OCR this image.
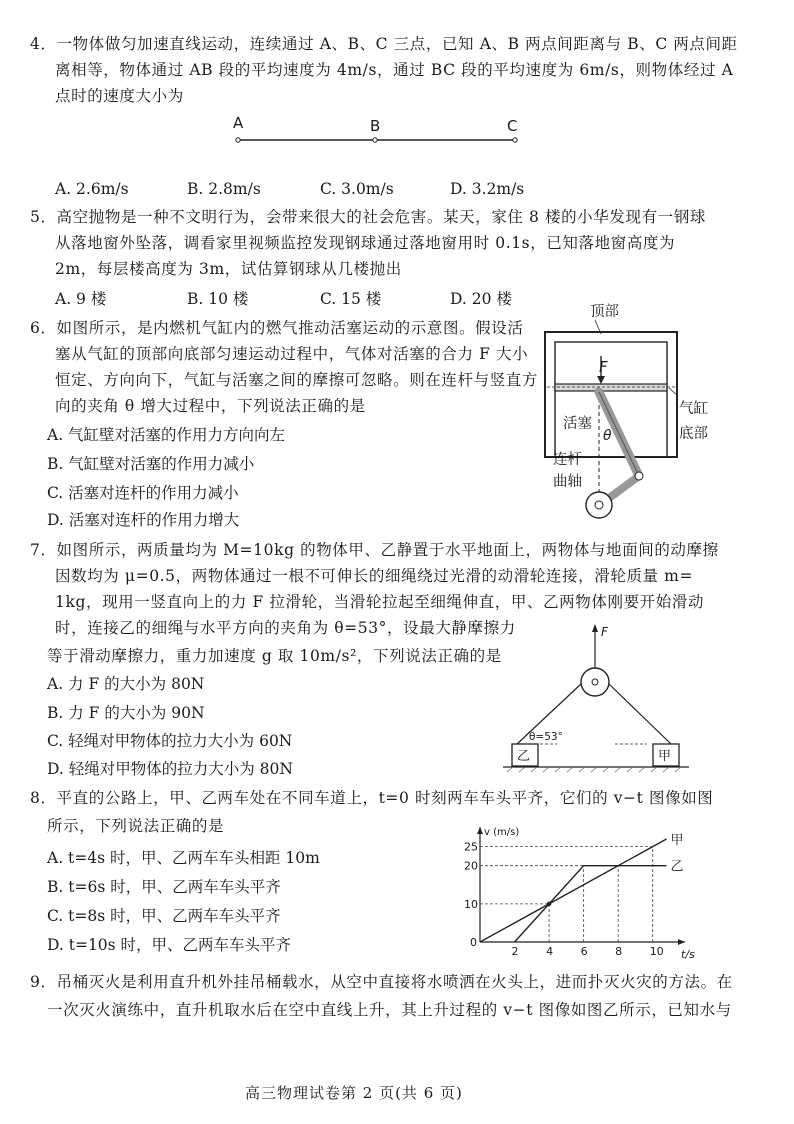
4．一物体做匀加速直线运动，连续通过 A、B、C 三点，已知 A、B 两点间距离与 B、C 两点间距
离相等，物体通过 AB 段的平均速度为 4m/s，通过 BC 段的平均速度为 6m/s，则物体经过 A
点时的速度大小为
A	B	C
A. 2.6m/s	B. 2.8m/s	C. 3.0m/s	D. 3.2m/s
5．高空抛物是一种不文明行为，会带来很大的社会危害。某天，家住 8 楼的小华发现有一钢球
从落地窗外坠落，调看家里视频监控发现钢球通过落地窗用时 0.1s，已知落地窗高度为
2m，每层楼高度为 3m，试估算钢球从几楼抛出
A. 9 楼	B. 10 楼	C. 15 楼	D. 20 楼
6．如图所示，是内燃机气缸内的燃气推动活塞运动的示意图。假设活
塞从气缸的顶部向底部匀速运动过程中，气体对活塞的合力 F 大小
恒定、方向向下，气缸与活塞之间的摩擦可忽略。则在连杆与竖直方
向的夹角 θ 增大过程中，下列说法正确的是
A. 气缸壁对活塞的作用力方向向左
B. 气缸壁对活塞的作用力减小
C. 活塞对连杆的作用力减小
D. 活塞对连杆的作用力增大
F
顶部
活塞
θ
连杆
曲轴
气缸
底部
7．如图所示，两质量均为 M=10kg 的物体甲、乙静置于水平地面上，两物体与地面间的动摩擦
因数均为 μ=0.5，两物体通过一根不可伸长的细绳绕过光滑的动滑轮连接，滑轮质量 m=
1kg，现用一竖直向上的力 F 拉滑轮，当滑轮拉起至细绳伸直，甲、乙两物体刚要开始滑动
时，连接乙的细绳与水平方向的夹角为 θ=53°，设最大静摩擦力
等于滑动摩擦力，重力加速度 g 取 10m/s²，下列说法正确的是
A. 力 F 的大小为 80N
B. 力 F 的大小为 90N
C. 轻绳对甲物体的拉力大小为 60N
D. 轻绳对甲物体的拉力大小为 80N
F
θ=53°
乙	甲
8．平直的公路上，甲、乙两车处在不同车道上，t=0 时刻两车车头平齐，它们的 v−t 图像如图
所示，下列说法正确的是
A. t=4s 时，甲、乙两车车头相距 10m
B. t=6s 时，甲、乙两车车头平齐
C. t=8s 时，甲、乙两车车头平齐
D. t=10s 时，甲、乙两车车头平齐
v (m/s)
t/s
2	4	6	8	10
0
10
20
25	甲
乙
9．吊桶灭火是利用直升机外挂吊桶载水，从空中直接将水喷洒在火头上，进而扑灭火灾的方法。在
一次灭火演练中，直升机取水后在空中直线上升，其上升过程的 v−t 图像如图乙所示，已知水与
高三物理试卷第 2 页(共 6 页)
